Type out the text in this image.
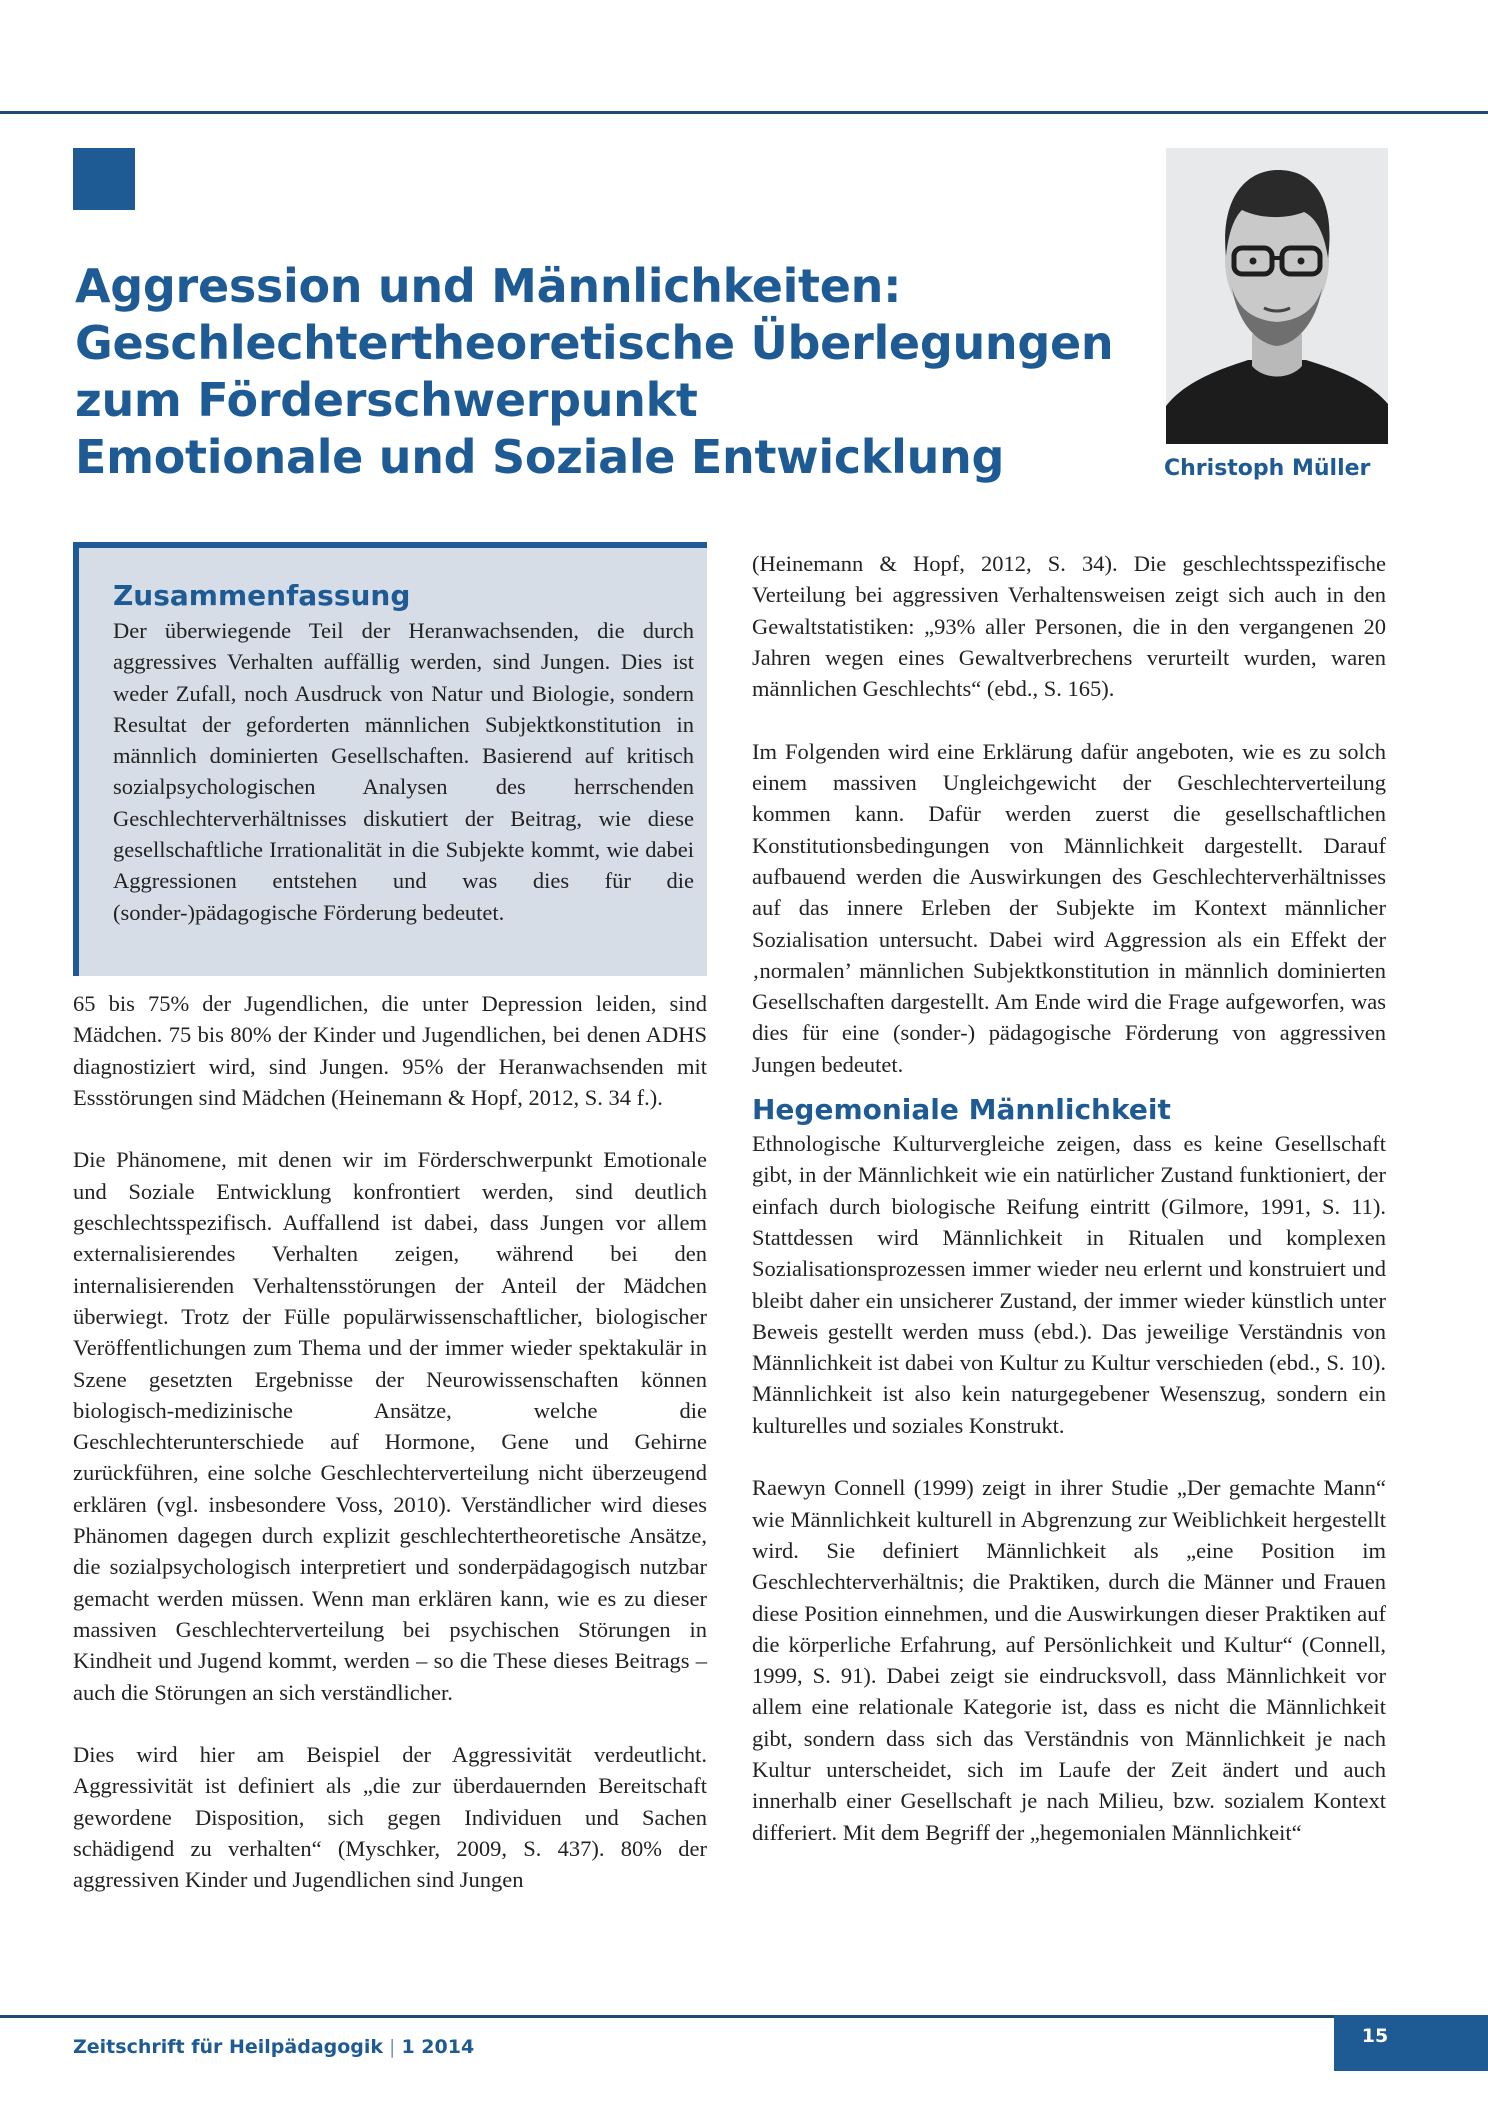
Aggression und Männlichkeiten:
Geschlechtertheoretische Überlegungen
zum Förderschwerpunkt
Emotionale und Soziale Entwicklung	Christoph Müller
Zusammenfassung

Der überwiegende Teil der Heranwachsenden, die durch aggressives Verhalten auffällig werden, sind Jungen. Dies ist weder Zufall, noch Ausdruck von Natur und Biologie, sondern Resultat der geforderten männlichen Subjektkonstitution in männlich dominierten Gesellschaften. Basierend auf kritisch sozialpsychologischen Analysen des herrschenden Geschlechterverhältnisses diskutiert der Beitrag, wie diese gesellschaftliche Irrationalität in die Subjekte kommt, wie dabei Aggressionen entstehen und was dies für die (sonder-)pädagogische Förderung bedeutet.

65 bis 75% der Jugendlichen, die unter Depression leiden, sind Mädchen. 75 bis 80% der Kinder und Jugendlichen, bei denen ADHS diagnostiziert wird, sind Jungen. 95% der Heranwachsenden mit Essstörungen sind Mädchen (Heinemann & Hopf, 2012, S. 34 f.).

Die Phänomene, mit denen wir im Förderschwerpunkt Emotionale und Soziale Entwicklung konfrontiert werden, sind deutlich geschlechtsspezifisch. Auffallend ist dabei, dass Jungen vor allem externalisierendes Verhalten zeigen, während bei den internalisierenden Verhaltensstörungen der Anteil der Mädchen überwiegt. Trotz der Fülle populärwissenschaftlicher, biologischer Veröffentlichungen zum Thema und der immer wieder spektakulär in Szene gesetzten Ergebnisse der Neurowissenschaften können biologisch-medizinische Ansätze, welche die Geschlechterunterschiede auf Hormone, Gene und Gehirne zurückführen, eine solche Geschlechterverteilung nicht überzeugend erklären (vgl. insbesondere Voss, 2010). Verständlicher wird dieses Phänomen dagegen durch explizit geschlechtertheoretische Ansätze, die sozialpsychologisch interpretiert und sonderpädagogisch nutzbar gemacht werden müssen. Wenn man erklären kann, wie es zu dieser massiven Geschlechterverteilung bei psychischen Störungen in Kindheit und Jugend kommt, werden – so die These dieses Beitrags – auch die Störungen an sich verständlicher.

Dies wird hier am Beispiel der Aggressivität verdeutlicht. Aggressivität ist definiert als „die zur überdauernden Bereitschaft gewordene Disposition, sich gegen Individuen und Sachen schädigend zu verhalten“ (Myschker, 2009, S. 437). 80% der aggressiven Kinder und Jugendlichen sind Jungen

(Heinemann & Hopf, 2012, S. 34). Die geschlechtsspezifische Verteilung bei aggressiven Verhaltensweisen zeigt sich auch in den Gewaltstatistiken: „93% aller Personen, die in den vergangenen 20 Jahren wegen eines Gewaltverbrechens verurteilt wurden, waren männlichen Geschlechts“ (ebd., S. 165).

Im Folgenden wird eine Erklärung dafür angeboten, wie es zu solch einem massiven Ungleichgewicht der Geschlechterverteilung kommen kann. Dafür werden zuerst die gesellschaftlichen Konstitutionsbedingungen von Männlichkeit dargestellt. Darauf aufbauend werden die Auswirkungen des Geschlechterverhältnisses auf das innere Erleben der Subjekte im Kontext männlicher Sozialisation untersucht. Dabei wird Aggression als ein Effekt der ‚normalen’ männlichen Subjektkonstitution in männlich dominierten Gesellschaften dargestellt. Am Ende wird die Frage aufgeworfen, was dies für eine (sonder-) pädagogische Förderung von aggressiven Jungen bedeutet.

Hegemoniale Männlichkeit

Ethnologische Kulturvergleiche zeigen, dass es keine Gesellschaft gibt, in der Männlichkeit wie ein natürlicher Zustand funktioniert, der einfach durch biologische Reifung eintritt (Gilmore, 1991, S. 11). Stattdessen wird Männlichkeit in Ritualen und komplexen Sozialisationsprozessen immer wieder neu erlernt und konstruiert und bleibt daher ein unsicherer Zustand, der immer wieder künstlich unter Beweis gestellt werden muss (ebd.). Das jeweilige Verständnis von Männlichkeit ist dabei von Kultur zu Kultur verschieden (ebd., S. 10). Männlichkeit ist also kein naturgegebener Wesenszug, sondern ein kulturelles und soziales Konstrukt.

Raewyn Connell (1999) zeigt in ihrer Studie „Der gemachte Mann“ wie Männlichkeit kulturell in Abgrenzung zur Weiblichkeit hergestellt wird. Sie definiert Männlichkeit als „eine Position im Geschlechterverhältnis; die Praktiken, durch die Männer und Frauen diese Position einnehmen, und die Auswirkungen dieser Praktiken auf die körperliche Erfahrung, auf Persönlichkeit und Kultur“ (Connell, 1999, S. 91). Dabei zeigt sie eindrucksvoll, dass Männlichkeit vor allem eine relationale Kategorie ist, dass es nicht die Männlichkeit gibt, sondern dass sich das Verständnis von Männlichkeit je nach Kultur unterscheidet, sich im Laufe der Zeit ändert und auch innerhalb einer Gesellschaft je nach Milieu, bzw. sozialem Kontext differiert. Mit dem Begriff der „hegemonialen Männlichkeit“

Zeitschrift für Heilpädagogik | 1 2014	15
